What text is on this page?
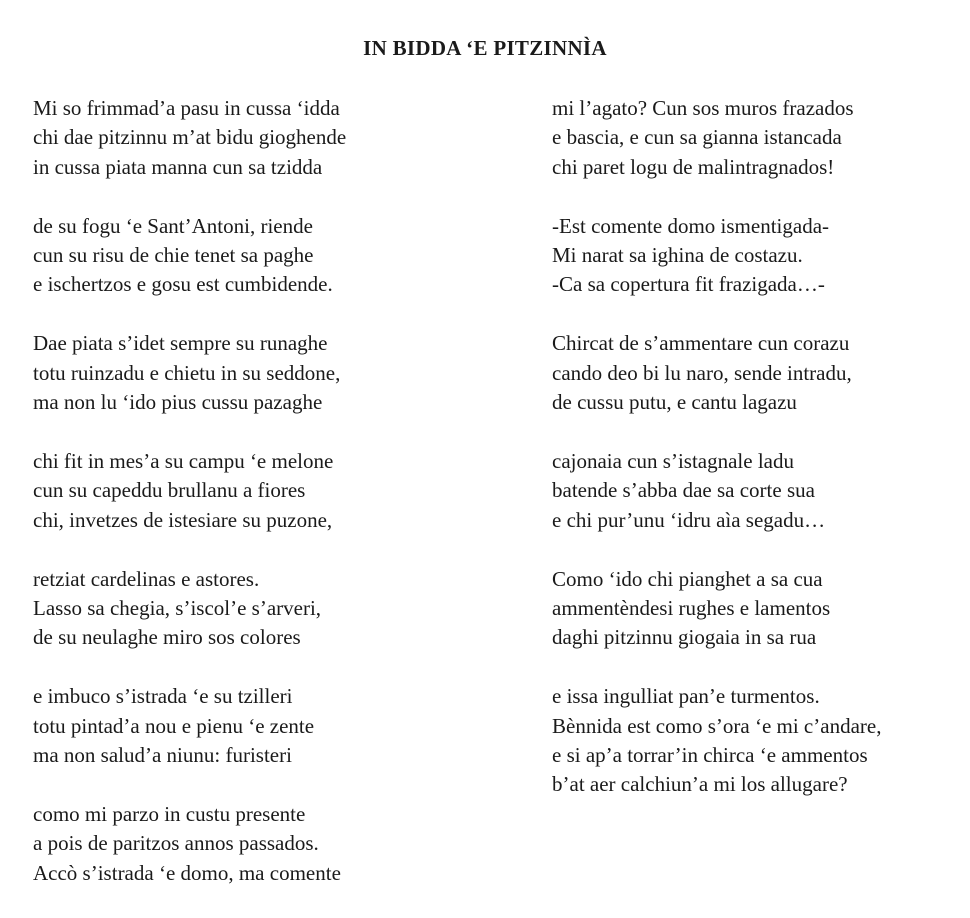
IN BIDDA ‘E PITZINNÌA
Mi so frimmad’a pasu in cussa ‘idda
chi dae pitzinnu m’at bidu gioghende
in cussa piata manna cun sa tzidda
de su fogu ‘e Sant’Antoni, riende
cun su risu de chie tenet sa paghe
e ischertzos e gosu est cumbidende.
Dae piata s’idet sempre su runaghe
totu ruinzadu e chietu in su seddone,
ma non lu ‘ido pius cussu pazaghe
chi fit in mes’a su campu ‘e melone
cun su capeddu brullanu a fiores
chi, invetzes de istesiare su puzone,
retziat cardelinas e astores.
Lasso sa chegia, s’iscol’e s’arveri,
de su neulaghe miro sos colores
e imbuco s’istrada ‘e su tzilleri
totu pintad’a nou e pienu ‘e zente
ma non salud’a niunu: furisteri
como mi parzo in custu presente
a pois de paritzos annos passados.
Accò s’istrada ‘e domo, ma comente
mi l’agato? Cun sos muros frazados
e bascia, e cun sa gianna istancada
chi paret logu de malintragnados!
-Est comente domo ismentigada-
Mi narat sa ighina de costazu.
-Ca sa copertura fit frazigada…-
Chircat de s’ammentare cun corazu
cando deo bi lu naro, sende intradu,
de cussu putu, e cantu lagazu
cajonaia cun s’istagnale ladu
batende s’abba dae sa corte sua
e chi pur’unu ‘idru aìa segadu…
Como ‘ido chi pianghet a sa cua
ammentèndesi rughes e lamentos
daghi pitzinnu giogaia in sa rua
e issa ingulliat pan’e turmentos.
Bènnida est como s’ora ‘e mi c’andare,
e si ap’a torrar’in chirca ‘e ammentos
b’at aer calchiun’a mi los allugare?
